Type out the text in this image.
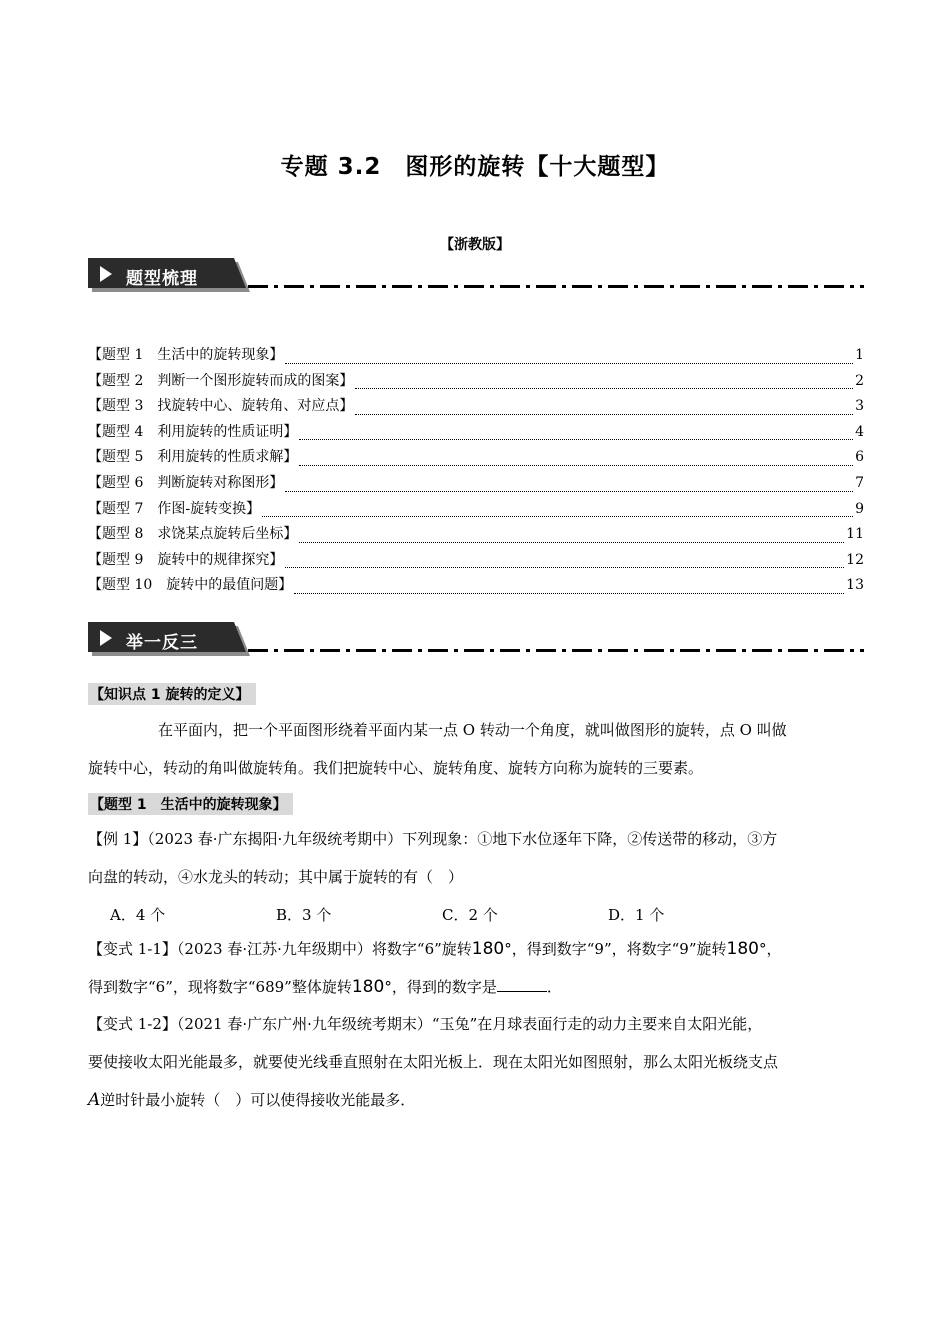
专题 3.2　图形的旋转【十大题型】
【浙教版】
题型梳理
【题型 1　生活中的旋转现象】	1
【题型 2　判断一个图形旋转而成的图案】	2
【题型 3　找旋转中心、旋转角、对应点】	3
【题型 4　利用旋转的性质证明】	4
【题型 5　利用旋转的性质求解】	6
【题型 6　判断旋转对称图形】	7
【题型 7　作图-旋转变换】	9
【题型 8　求饶某点旋转后坐标】	11
【题型 9　旋转中的规律探究】	12
【题型 10　旋转中的最值问题】	13
举一反三
【知识点 1 旋转的定义】

在平面内，把一个平面图形绕着平面内某一点 O 转动一个角度，就叫做图形的旋转，点 O 叫做

旋转中心，转动的角叫做旋转角。我们把旋转中心、旋转角度、旋转方向称为旋转的三要素。

【题型 1　生活中的旋转现象】

【例 1】（2023 春·广东揭阳·九年级统考期中）下列现象：①地下水位逐年下降，②传送带的移动，③方

向盘的转动，④水龙头的转动；其中属于旋转的有（　）

A．4 个	B．3 个	C．2 个	D．1 个

【变式 1-1】（2023 春·江苏·九年级期中）将数字“6”旋转180°，得到数字“9”，将数字“9”旋转180°，

得到数字“6”，现将数字“689”整体旋转180°，得到的数字是	．

【变式 1-2】（2021 春·广东广州·九年级统考期末）“玉兔”在月球表面行走的动力主要来自太阳光能，

要使接收太阳光能最多，就要使光线垂直照射在太阳光板上．现在太阳光如图照射，那么太阳光板绕支点

A逆时针最小旋转（　）可以使得接收光能最多．
